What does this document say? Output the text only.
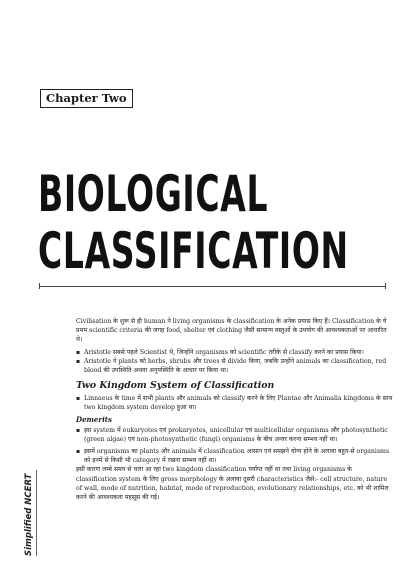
Chapter Two
BIOLOGICAL
CLASSIFICATION
Simplified NCERT

Civilisation के शुरू से ही human ने living organisms के classification के अनेक प्रयास किए हैं। Classification के ये प्रथम scientific criteria की जगह food, shelter एवं clothing जैसी सामान्य वस्तुओं के उपयोग की आवश्यकताओं पर आधारित थे।

▪ Aristotle सबसे पहले Scientist थे, जिन्होंने organisms को scientific तरीके से classify करने का प्रयास किया।

▪ Aristotle ने plants को herbs, shrubs और trees से divide किया, जबकि उन्होंने animals का classification, red blood की उपस्थिति अथवा अनुपस्थिति के आधार पर किया था।

Two Kingdom System of Classification

▪ Linnaeus के time में सभी plants और animals को classify करने के लिए Plantae और Animalia kingdoms के साथ two kingdom system develop हुआ था।

Demerits

▪ इस system में eukaryotes एवं prokaryotes, unicellular एवं multicellular organisms और photosynthetic (green algae) एवं non-photosynthetic (fungi) organisms के बीच अन्तर करना सम्भव नहीं था।

▪ इसमें organisms का plants और animals में classification आसान एवं समझने योग्य होने के अलावा बहुत-से organisms को इनमें से किसी भी category में रखना सम्भव नहीं था।

इसी कारण लम्बे समय से चला आ रहा two kingdom classification पर्याप्त नहीं था तथा living organisms के classification system के लिए gross morphology के अलावा दूसरी characteristics जैसे:- cell structure, nature of wall, mode of nutrition, habitat, mode of reproduction, evolutionary relationships, etc. को भी शामिल करने की आवश्यकता महसूस की गई।
